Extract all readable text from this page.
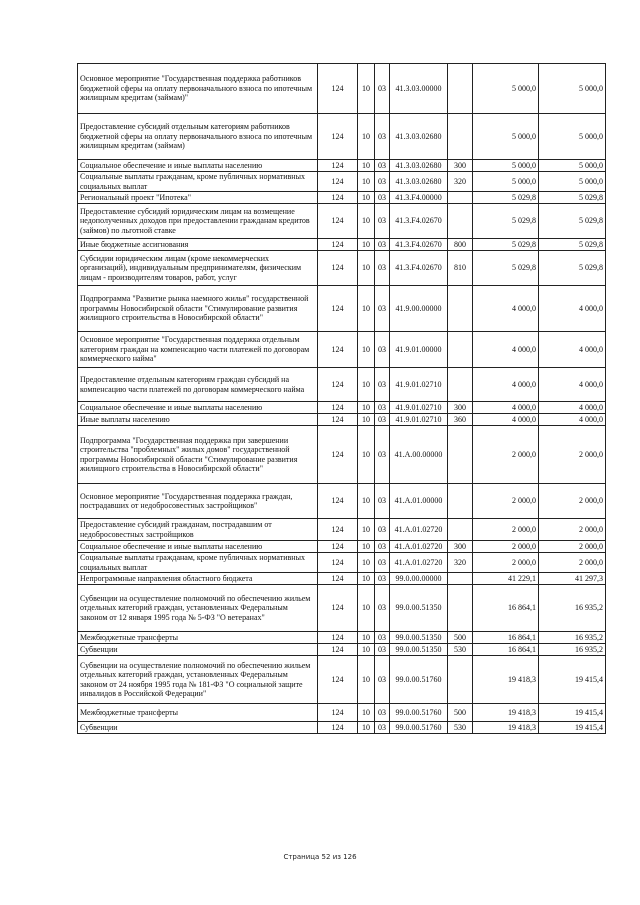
Основное мероприятие "Государственная поддержка работников бюджетной сферы на оплату первоначального взноса по ипотечным жилищным кредитам (займам)"	124	10	03	41.3.03.00000		5 000,0	5 000,0
Предоставление субсидий отдельным категориям работников бюджетной сферы на оплату первоначального взноса по ипотечным жилищным кредитам (займам)	124	10	03	41.3.03.02680		5 000,0	5 000,0
Социальное обеспечение и иные выплаты населению	124	10	03	41.3.03.02680	300	5 000,0	5 000,0
Социальные выплаты гражданам, кроме публичных нормативных социальных выплат	124	10	03	41.3.03.02680	320	5 000,0	5 000,0
Региональный проект "Ипотека"	124	10	03	41.3.F4.00000		5 029,8	5 029,8
Предоставление субсидий юридическим лицам на возмещение недополученных доходов при предоставлении гражданам кредитов (займов) по льготной ставке	124	10	03	41.3.F4.02670		5 029,8	5 029,8
Иные бюджетные ассигнования	124	10	03	41.3.F4.02670	800	5 029,8	5 029,8
Субсидии юридическим лицам (кроме некоммерческих организаций), индивидуальным предпринимателям, физическим лицам - производителям товаров, работ, услуг	124	10	03	41.3.F4.02670	810	5 029,8	5 029,8
Подпрограмма "Развитие рынка наемного жилья" государственной программы Новосибирской области "Стимулирование развития жилищного строительства в Новосибирской области"	124	10	03	41.9.00.00000		4 000,0	4 000,0
Основное мероприятие "Государственная поддержка отдельным категориям граждан на компенсацию части платежей по договорам коммерческого найма"	124	10	03	41.9.01.00000		4 000,0	4 000,0
Предоставление отдельным категориям граждан субсидий на компенсацию части платежей по договорам коммерческого найма	124	10	03	41.9.01.02710		4 000,0	4 000,0
Социальное обеспечение и иные выплаты населению	124	10	03	41.9.01.02710	300	4 000,0	4 000,0
Иные выплаты населению	124	10	03	41.9.01.02710	360	4 000,0	4 000,0
Подпрограмма "Государственная поддержка при завершении строительства "проблемных" жилых домов" государственной программы Новосибирской области "Стимулирование развития жилищного строительства в Новосибирской области"	124	10	03	41.А.00.00000		2 000,0	2 000,0
Основное мероприятие "Государственная поддержка граждан, пострадавших от недобросовестных застройщиков"	124	10	03	41.А.01.00000		2 000,0	2 000,0
Предоставление субсидий гражданам, пострадавшим от недобросовестных застройщиков	124	10	03	41.А.01.02720		2 000,0	2 000,0
Социальное обеспечение и иные выплаты населению	124	10	03	41.А.01.02720	300	2 000,0	2 000,0
Социальные выплаты гражданам, кроме публичных нормативных социальных выплат	124	10	03	41.А.01.02720	320	2 000,0	2 000,0
Непрограммные направления областного бюджета	124	10	03	99.0.00.00000		41 229,1	41 297,3
Субвенции на осуществление полномочий по обеспечению жильем отдельных категорий граждан, установленных Федеральным законом от 12 января 1995 года № 5-ФЗ "О ветеранах"	124	10	03	99.0.00.51350		16 864,1	16 935,2
Межбюджетные трансферты	124	10	03	99.0.00.51350	500	16 864,1	16 935,2
Субвенции	124	10	03	99.0.00.51350	530	16 864,1	16 935,2
Субвенции на осуществление полномочий по обеспечению жильем отдельных категорий граждан, установленных Федеральным законом от 24 ноября 1995 года № 181-ФЗ "О социальной защите инвалидов в Российской Федерации"	124	10	03	99.0.00.51760		19 418,3	19 415,4
Межбюджетные трансферты	124	10	03	99.0.00.51760	500	19 418,3	19 415,4
Субвенции	124	10	03	99.0.00.51760	530	19 418,3	19 415,4
Страница 52 из 126
